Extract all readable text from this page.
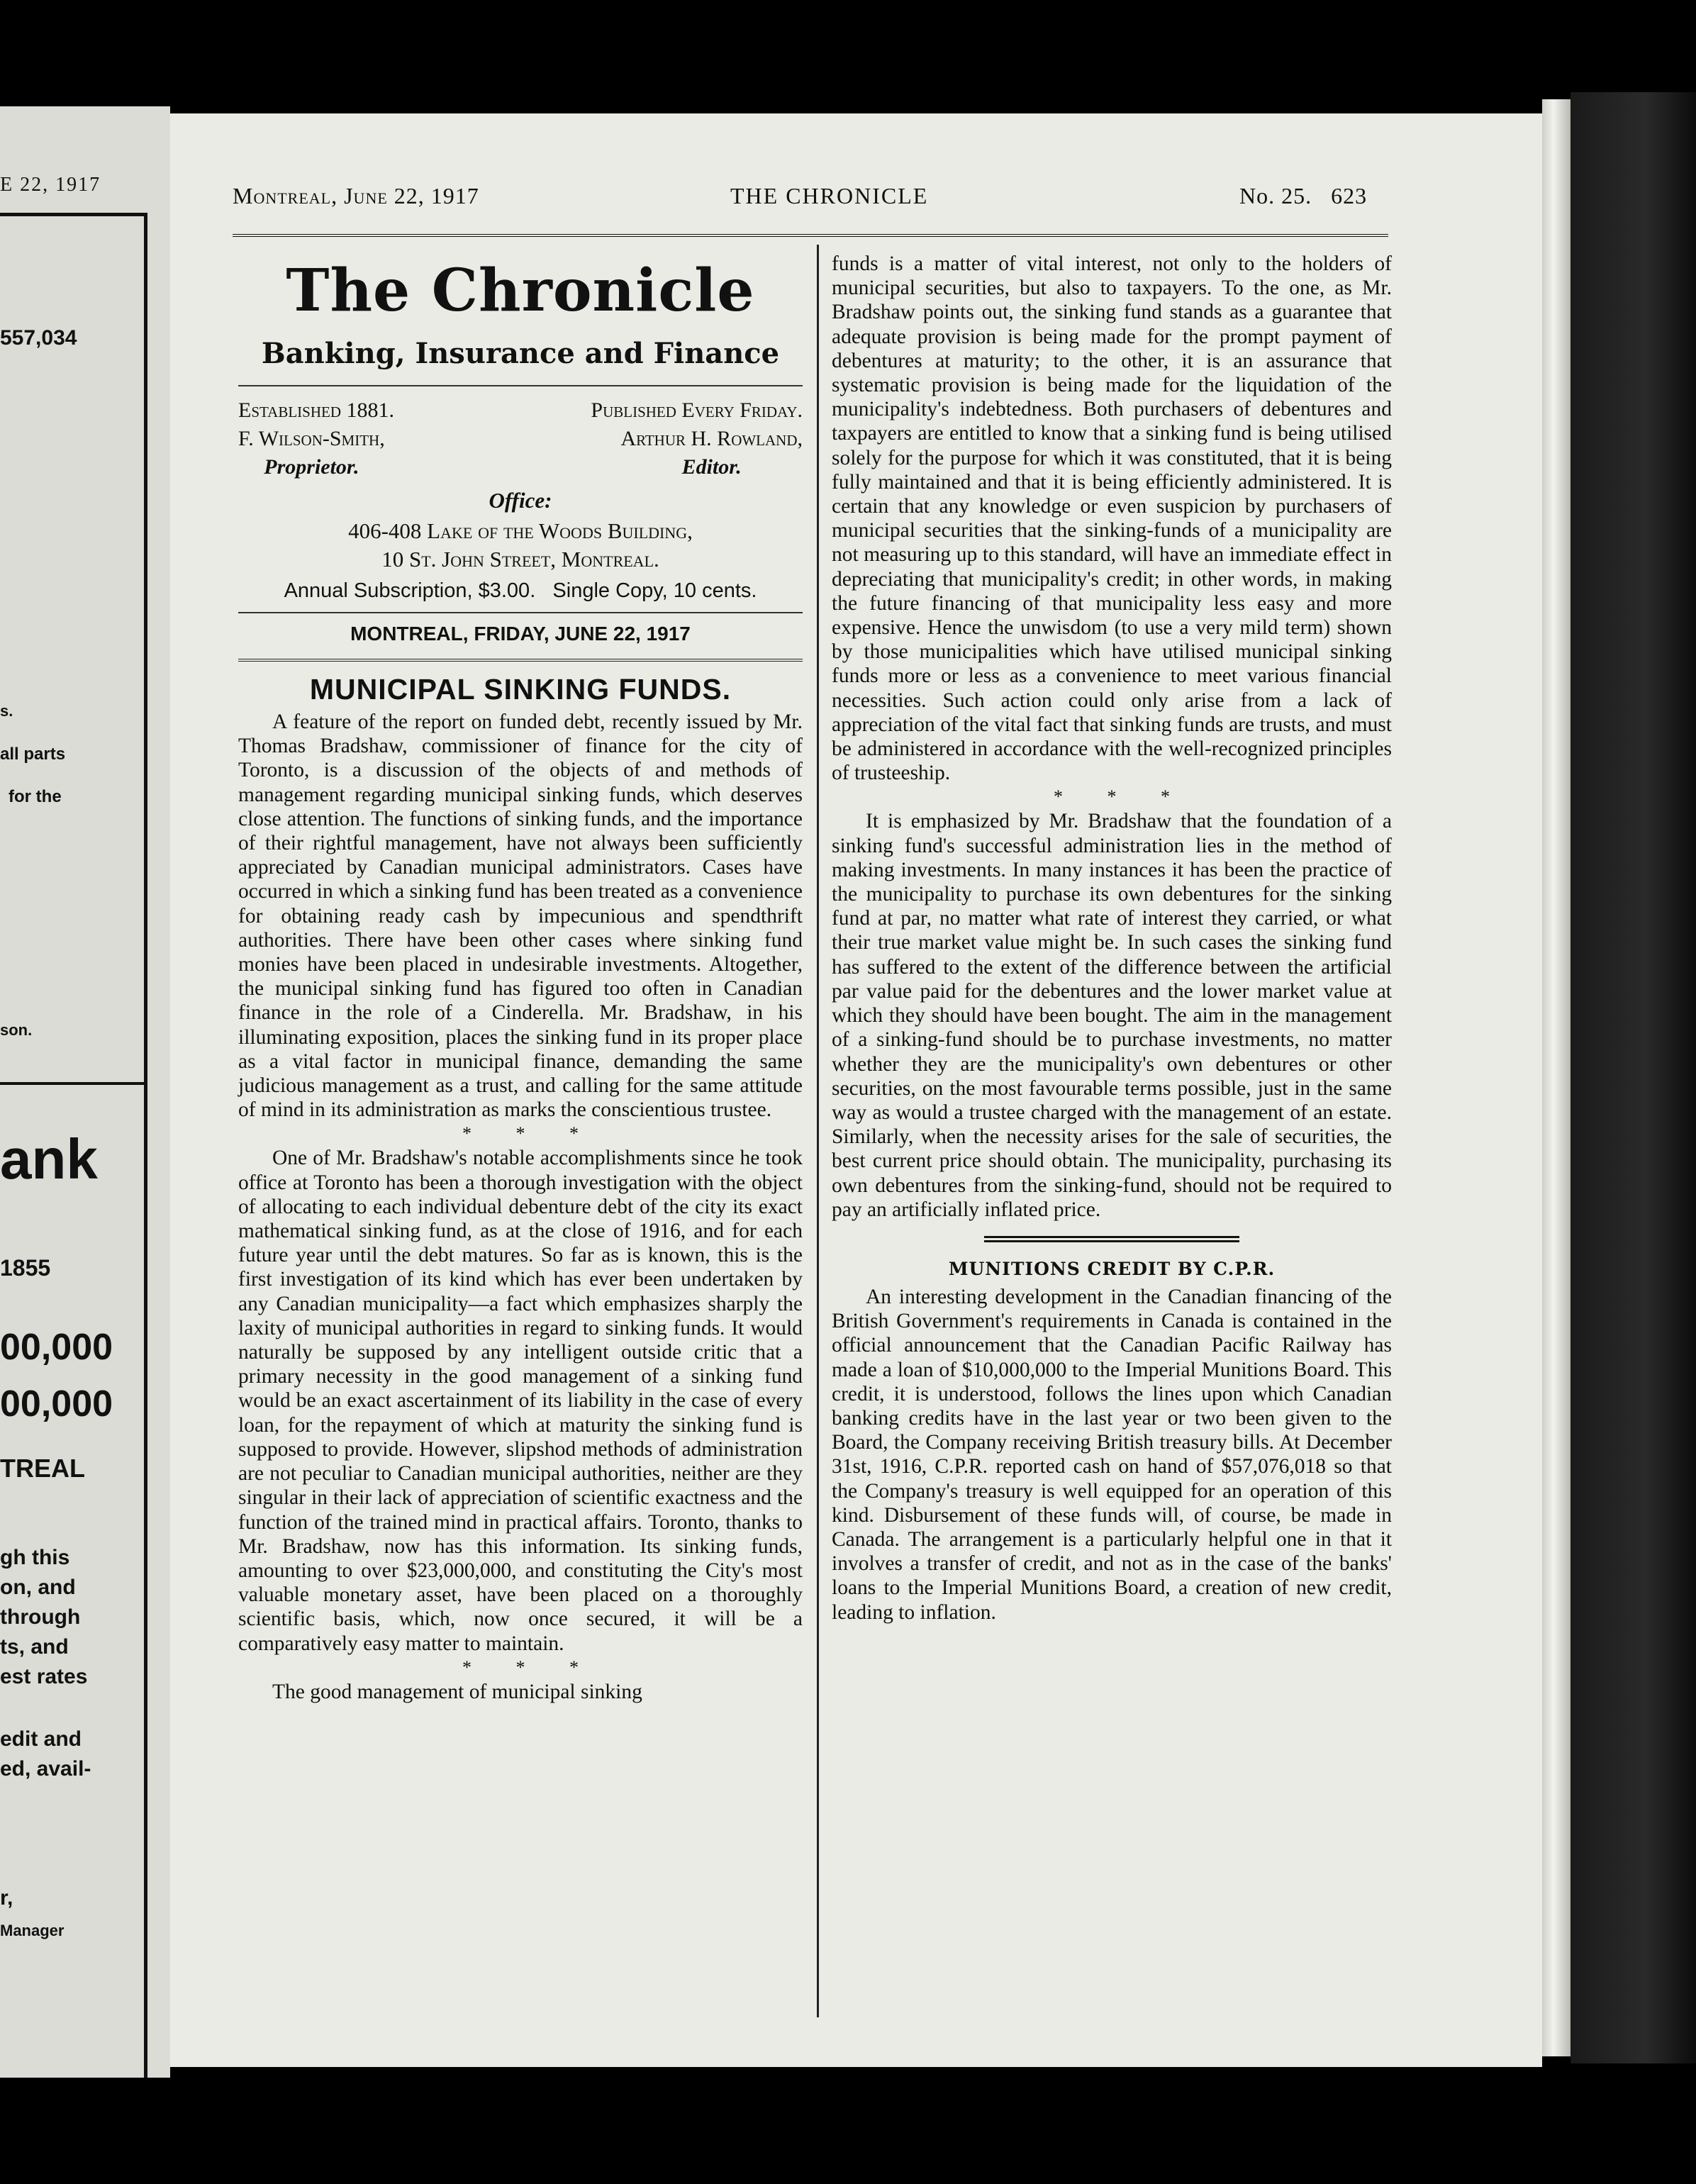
E 22, 1917
557,034
s.
all parts
for the
son.
ank
1855
00,000
00,000
TREAL
gh this
on, and
through
ts, and
est rates
edit and
ed, avail-
r,
Manager
Montreal, June 22, 1917	THE CHRONICLE	No. 25.   623
The Chronicle
Banking, Insurance and Finance
Established 1881.	Published Every Friday.
F. Wilson-Smith,
Proprietor.
Arthur H. Rowland,
Editor.
Office:
406-408 Lake of the Woods Building,
10 St. John Street, Montreal.
Annual Subscription, $3.00.   Single Copy, 10 cents.
MONTREAL, FRIDAY, JUNE 22, 1917
MUNICIPAL SINKING FUNDS.

A feature of the report on funded debt, recently issued by Mr. Thomas Bradshaw, commissioner of finance for the city of Toronto, is a discussion of the objects of and methods of management regarding municipal sinking funds, which deserves close attention. The functions of sinking funds, and the importance of their rightful management, have not always been sufficiently appreciated by Canadian municipal administrators. Cases have occurred in which a sinking fund has been treated as a convenience for obtaining ready cash by impecunious and spendthrift authorities. There have been other cases where sinking fund monies have been placed in undesirable investments. Altogether, the municipal sinking fund has figured too often in Canadian finance in the role of a Cinderella. Mr. Bradshaw, in his illuminating exposition, places the sinking fund in its proper place as a vital factor in municipal finance, demanding the same judicious management as a trust, and calling for the same attitude of mind in its administration as marks the conscientious trustee.

* * *

One of Mr. Bradshaw's notable accomplishments since he took office at Toronto has been a thorough investigation with the object of allocating to each individual debenture debt of the city its exact mathematical sinking fund, as at the close of 1916, and for each future year until the debt matures. So far as is known, this is the first investigation of its kind which has ever been undertaken by any Canadian municipality—a fact which emphasizes sharply the laxity of municipal authorities in regard to sinking funds. It would naturally be supposed by any intelligent outside critic that a primary necessity in the good management of a sinking fund would be an exact ascertainment of its liability in the case of every loan, for the repayment of which at maturity the sinking fund is supposed to provide. However, slipshod methods of administration are not peculiar to Canadian municipal authorities, neither are they singular in their lack of appreciation of scientific exactness and the function of the trained mind in practical affairs. Toronto, thanks to Mr. Bradshaw, now has this information. Its sinking funds, amounting to over $23,000,000, and constituting the City's most valuable monetary asset, have been placed on a thoroughly scientific basis, which, now once secured, it will be a comparatively easy matter to maintain.

* * *

The good management of municipal sinking

funds is a matter of vital interest, not only to the holders of municipal securities, but also to taxpayers. To the one, as Mr. Bradshaw points out, the sinking fund stands as a guarantee that adequate provision is being made for the prompt payment of debentures at maturity; to the other, it is an assurance that systematic provision is being made for the liquidation of the municipality's indebtedness. Both purchasers of debentures and taxpayers are entitled to know that a sinking fund is being utilised solely for the purpose for which it was constituted, that it is being fully maintained and that it is being efficiently administered. It is certain that any knowledge or even suspicion by purchasers of municipal securities that the sinking-funds of a municipality are not measuring up to this standard, will have an immediate effect in depreciating that municipality's credit; in other words, in making the future financing of that municipality less easy and more expensive. Hence the unwisdom (to use a very mild term) shown by those municipalities which have utilised municipal sinking funds more or less as a convenience to meet various financial necessities. Such action could only arise from a lack of appreciation of the vital fact that sinking funds are trusts, and must be administered in accordance with the well-recognized principles of trusteeship.

* * *

It is emphasized by Mr. Bradshaw that the foundation of a sinking fund's successful administration lies in the method of making investments. In many instances it has been the practice of the municipality to purchase its own debentures for the sinking fund at par, no matter what rate of interest they carried, or what their true market value might be. In such cases the sinking fund has suffered to the extent of the difference between the artificial par value paid for the debentures and the lower market value at which they should have been bought. The aim in the management of a sinking-fund should be to purchase investments, no matter whether they are the municipality's own debentures or other securities, on the most favourable terms possible, just in the same way as would a trustee charged with the management of an estate. Similarly, when the necessity arises for the sale of securities, the best current price should obtain. The municipality, purchasing its own debentures from the sinking-fund, should not be required to pay an artificially inflated price.

MUNITIONS CREDIT BY C.P.R.

An interesting development in the Canadian financing of the British Government's requirements in Canada is contained in the official announcement that the Canadian Pacific Railway has made a loan of $10,000,000 to the Imperial Munitions Board. This credit, it is understood, follows the lines upon which Canadian banking credits have in the last year or two been given to the Board, the Company receiving British treasury bills. At December 31st, 1916, C.P.R. reported cash on hand of $57,076,018 so that the Company's treasury is well equipped for an operation of this kind. Disbursement of these funds will, of course, be made in Canada. The arrangement is a particularly helpful one in that it involves a transfer of credit, and not as in the case of the banks' loans to the Imperial Munitions Board, a creation of new credit, leading to inflation.
